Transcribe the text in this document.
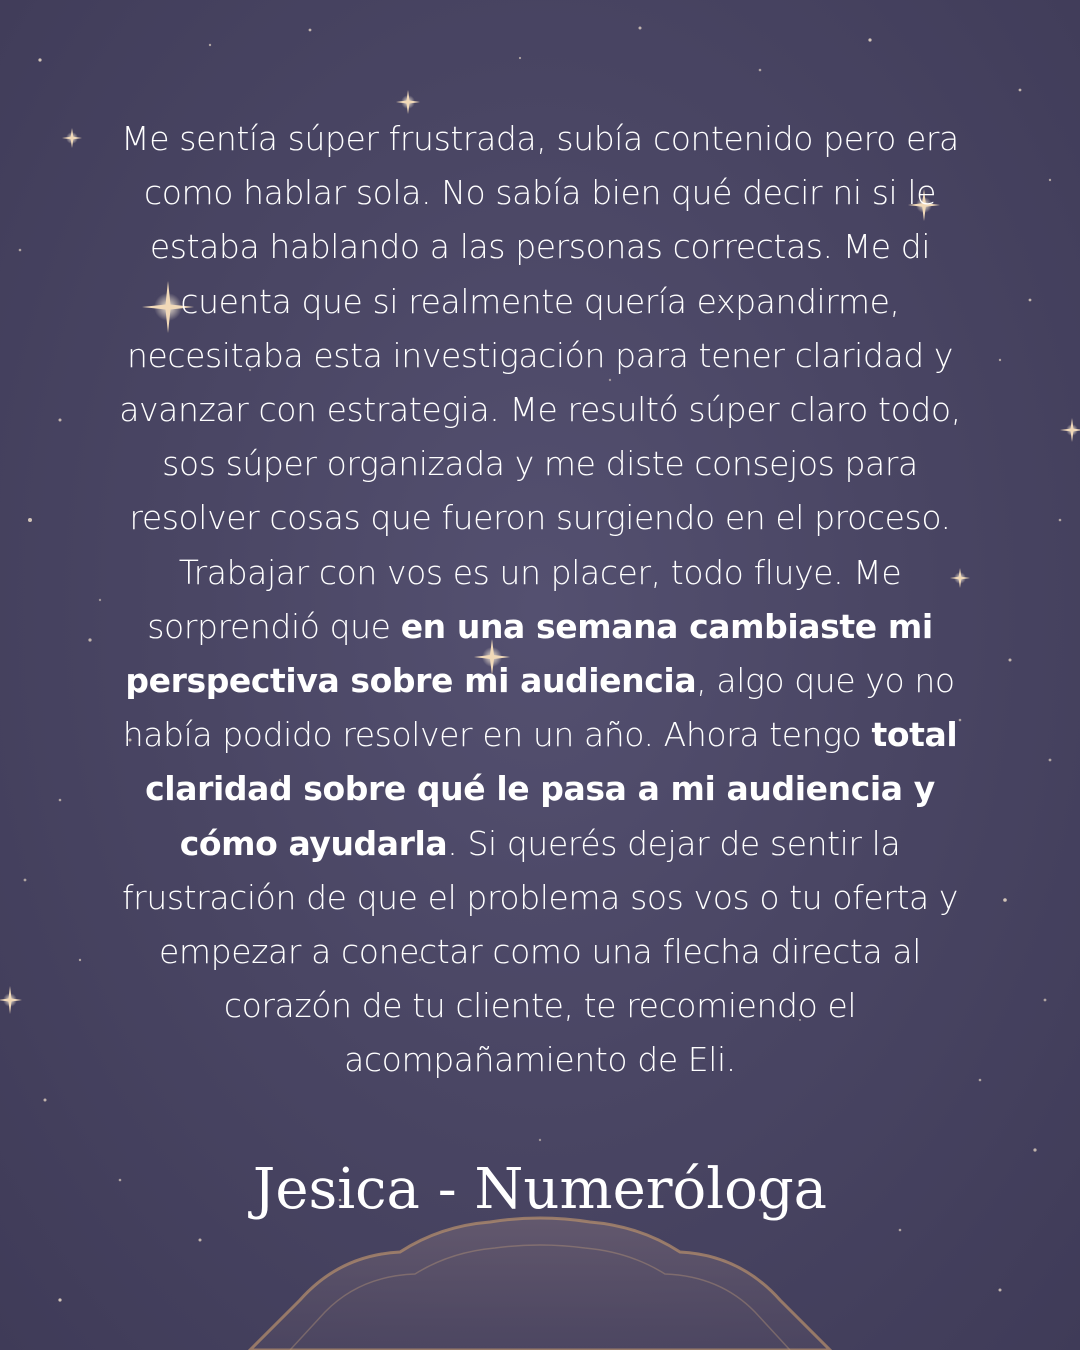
Me sentía súper frustrada, subía contenido pero era como hablar sola. No sabía bien qué decir ni si le estaba hablando a las personas correctas. Me di cuenta que si realmente quería expandirme, necesitaba esta investigación para tener claridad y avanzar con estrategia. Me resultó súper claro todo, sos súper organizada y me diste consejos para resolver cosas que fueron surgiendo en el proceso. Trabajar con vos es un placer, todo fluye. Me sorprendió que en una semana cambiaste mi perspectiva sobre mi audiencia, algo que yo no había podido resolver en un año. Ahora tengo total claridad sobre qué le pasa a mi audiencia y cómo ayudarla. Si querés dejar de sentir la frustración de que el problema sos vos o tu oferta y empezar a conectar como una flecha directa al corazón de tu cliente, te recomiendo el acompañamiento de Eli.

Jesica - Numeróloga
